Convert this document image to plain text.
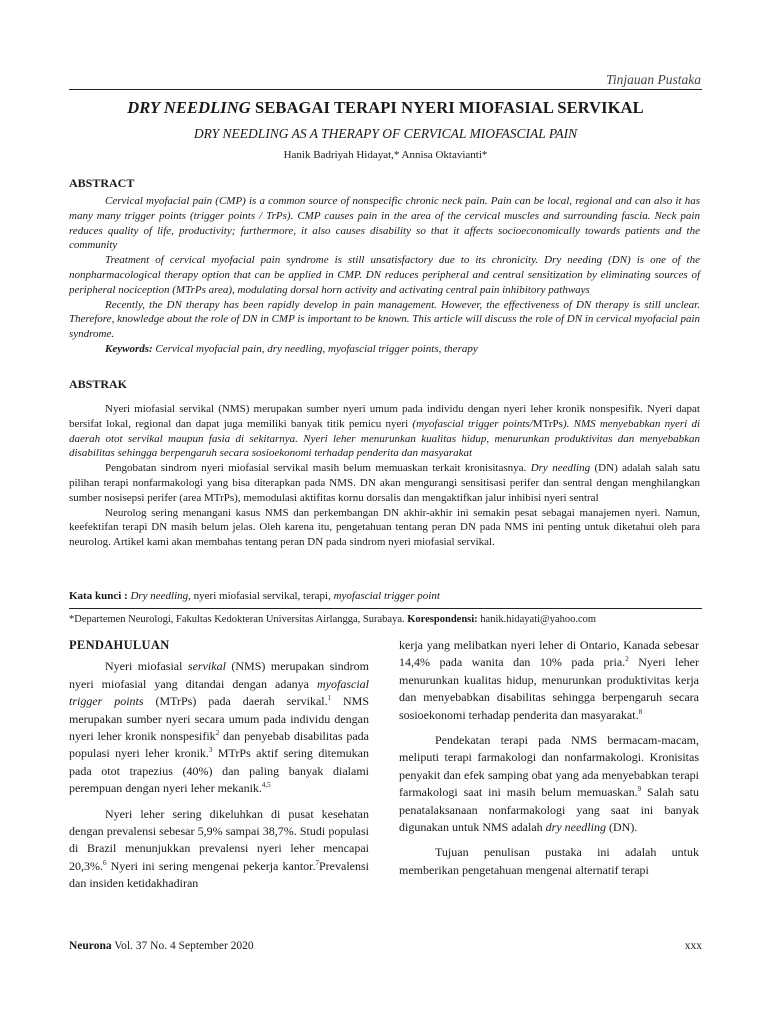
Tinjauan Pustaka
DRY NEEDLING SEBAGAI TERAPI NYERI MIOFASIAL SERVIKAL
DRY NEEDLING AS A THERAPY OF CERVICAL MIOFASCIAL PAIN
Hanik Badriyah Hidayat,* Annisa Oktavianti*
ABSTRACT

Cervical myofacial pain (CMP) is a common source of nonspecific chronic neck pain. Pain can be local, regional and can also it has many many trigger points (trigger points / TrPs). CMP causes pain in the area of the cervical muscles and surrounding fascia. Neck pain reduces quality of life, productivity; furthermore, it also causes disability so that it affects socioeconomically towards patients and the community

Treatment of cervical myofacial pain syndrome is still unsatisfactory due to its chronicity. Dry needing (DN) is one of the nonpharmacological therapy option that can be applied in CMP. DN reduces peripheral and central sensitization by eliminating sources of peripheral nociception (MTrPs area), modulating dorsal horn activity and activating central pain inhibitory pathways

Recently, the DN therapy has been rapidly develop in pain management. However, the effectiveness of DN therapy is still unclear. Therefore, knowledge about the role of DN in CMP is important to be known. This article will discuss the role of DN in cervical myofacial pain syndrome.

Keywords: Cervical myofacial pain, dry needling, myofascial trigger points, therapy

ABSTRAK

Nyeri miofasial servikal (NMS) merupakan sumber nyeri umum pada individu dengan nyeri leher kronik nonspesifik. Nyeri dapat bersifat lokal, regional dan dapat juga memiliki banyak titik pemicu nyeri (myofascial trigger points/MTrPs). NMS menyebabkan nyeri di daerah otot servikal maupun fasia di sekitarnya. Nyeri leher menurunkan kualitas hidup, menurunkan produktivitas dan menyebabkan disabilitas sehingga berpengaruh secara sosioekonomi terhadap penderita dan masyarakat

Pengobatan sindrom nyeri miofasial servikal masih belum memuaskan terkait kronisitasnya. Dry needling (DN) adalah salah satu pilihan terapi nonfarmakologi yang bisa diterapkan pada NMS. DN akan mengurangi sensitisasi perifer dan sentral dengan menghilangkan sumber nosisepsi perifer (area MTrPs), memodulasi aktifitas kornu dorsalis dan mengaktifkan jalur inhibisi nyeri sentral

Neurolog sering menangani kasus NMS dan perkembangan DN akhir-akhir ini semakin pesat sebagai manajemen nyeri. Namun, keefektifan terapi DN masih belum jelas. Oleh karena itu, pengetahuan tentang peran DN pada NMS ini penting untuk diketahui oleh para neurolog. Artikel kami akan membahas tentang peran DN pada sindrom nyeri miofasial servikal.

Kata kunci : Dry needling, nyeri miofasial servikal, terapi, myofascial trigger point
*Departemen Neurologi, Fakultas Kedokteran Universitas Airlangga, Surabaya. Korespondensi: hanik.hidayati@yahoo.com
PENDAHULUAN

Nyeri miofasial servikal (NMS) merupakan sindrom nyeri miofasial yang ditandai dengan adanya myofascial trigger points (MTrPs) pada daerah servikal.$^1$ NMS merupakan sumber nyeri secara umum pada individu dengan nyeri leher kronik nonspesifik$^2$ dan penyebab disabilitas pada populasi nyeri leher kronik.$^3$ MTrPs aktif sering ditemukan pada otot trapezius (40%) dan paling banyak dialami perempuan dengan nyeri leher mekanik.$^{4,5}$

Nyeri leher sering dikeluhkan di pusat kesehatan dengan prevalensi sebesar 5,9% sampai 38,7%. Studi populasi di Brazil menunjukkan prevalensi nyeri leher mencapai 20,3%.$^6$ Nyeri ini sering mengenai pekerja kantor.$^7$Prevalensi dan insiden ketidakhadiran

kerja yang melibatkan nyeri leher di Ontario, Kanada sebesar 14,4% pada wanita dan 10% pada pria.$^2$ Nyeri leher menurunkan kualitas hidup, menurunkan produktivitas kerja dan menyebabkan disabilitas sehingga berpengaruh secara sosioekonomi terhadap penderita dan masyarakat.$^8$

Pendekatan terapi pada NMS bermacam-macam, meliputi terapi farmakologi dan nonfarmakologi. Kronisitas penyakit dan efek samping obat yang ada menyebabkan terapi farmakologi saat ini masih belum memuaskan.$^9$ Salah satu penatalaksanaan nonfarmakologi yang saat ini banyak digunakan untuk NMS adalah dry needling (DN).

Tujuan penulisan pustaka ini adalah untuk memberikan pengetahuan mengenai alternatif terapi

Neurona Vol. 37 No. 4 September 2020	xxx
